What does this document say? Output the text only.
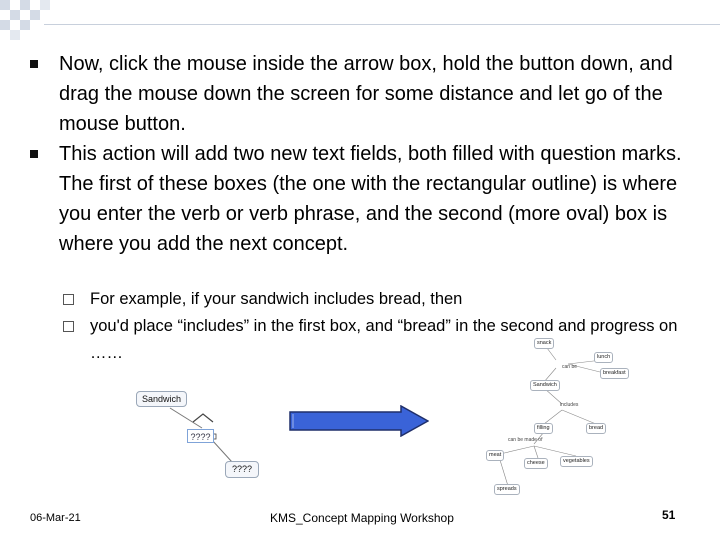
Now, click the mouse inside the arrow box, hold the button down, and drag the mouse down the screen for some distance and let go of the mouse button.
This action will add two new text fields, both filled with question marks. The first of these boxes (the one with the rectangular outline) is where you enter the verb or verb phrase, and the second (more oval) box is where you add the next concept.
For example, if your sandwich includes bread, then
you'd place “includes” in the first box, and “bread” in the second and progress on ……
Sandwich
????
????
snack
lunch
breakfast
can be
Sandwich
includes
filling	bread
can be made of
meat
cheese	vegetables
spreads
06-Mar-21	KMS_Concept Mapping Workshop	51
